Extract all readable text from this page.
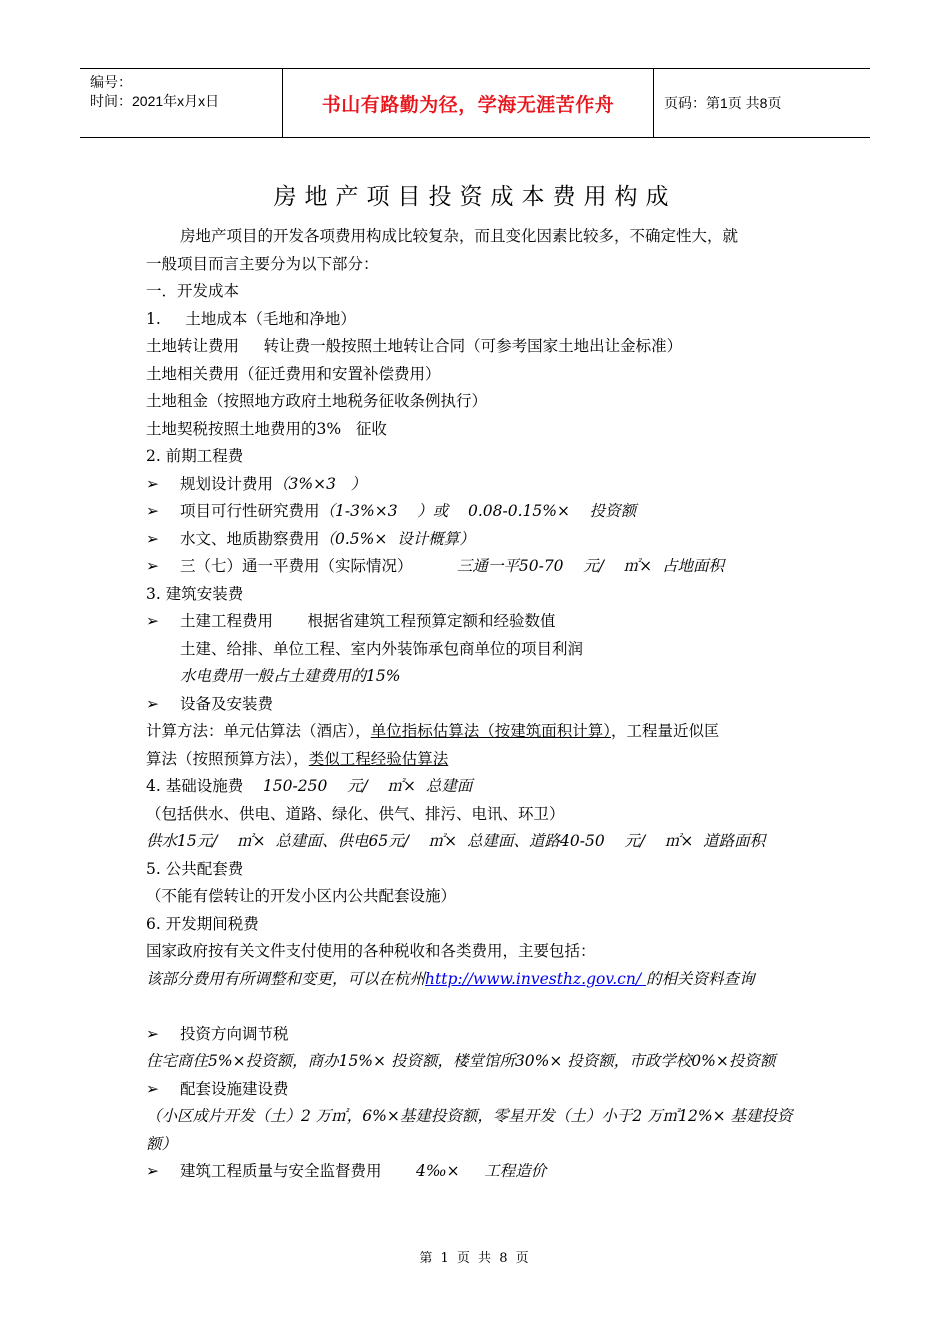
编号：
时间：2021年x月x日	书山有路勤为径，学海无涯苦作舟	页码：第1页 共8页
房地产项目投资成本费用构成
房地产项目的开发各项费用构成比较复杂，而且变化因素比较多，不确定性大，就
一般项目而言主要分为以下部分：
一．开发成本
1.     土地成本（毛地和净地）
土地转让费用     转让费一般按照土地转让合同（可参考国家土地出让金标准）
土地相关费用（征迁费用和安置补偿费用）
土地租金（按照地方政府土地税务征收条例执行）
土地契税按照土地费用的3%   征收
2. 前期工程费
➢ 规划设计费用（3%×3   ）
➢ 项目可行性研究费用（1-3%×3    ）或    0.08-0.15%×    投资额
➢ 水文、地质勘察费用（0.5%×  设计概算）
➢ 三（七）通一平费用（实际情况）         三通一平50-70    元/    ㎡×  占地面积
3. 建筑安装费
➢ 土建工程费用       根据省建筑工程预算定额和经验数值
土建、给排、单位工程、室内外装饰承包商单位的项目利润
水电费用一般占土建费用的15%
➢ 设备及安装费
计算方法：单元估算法（酒店），单位指标估算法（按建筑面积计算），工程量近似匡
算法（按照预算方法），类似工程经验估算法
4. 基础设施费    150-250    元/    ㎡×  总建面
（包括供水、供电、道路、绿化、供气、排污、电讯、环卫）
供水15元/    ㎡×  总建面、供电65元/    ㎡×  总建面、道路40-50    元/    ㎡×  道路面积
5. 公共配套费
（不能有偿转让的开发小区内公共配套设施）
6. 开发期间税费
国家政府按有关文件支付使用的各种税收和各类费用，主要包括：
该部分费用有所调整和变更，可以在杭州http://www.investhz.gov.cn/ 的相关资料查询
➢ 投资方向调节税
住宅商住5%×投资额，商办15%× 投资额，楼堂馆所30%× 投资额，市政学校0%×投资额
➢ 配套设施建设费
（小区成片开发（土）2 万㎡，6%×基建投资额，零星开发（土）小于2 万㎡12%× 基建投资额）
➢ 建筑工程质量与安全监督费用       4‰×     工程造价
第 1 页 共 8 页
